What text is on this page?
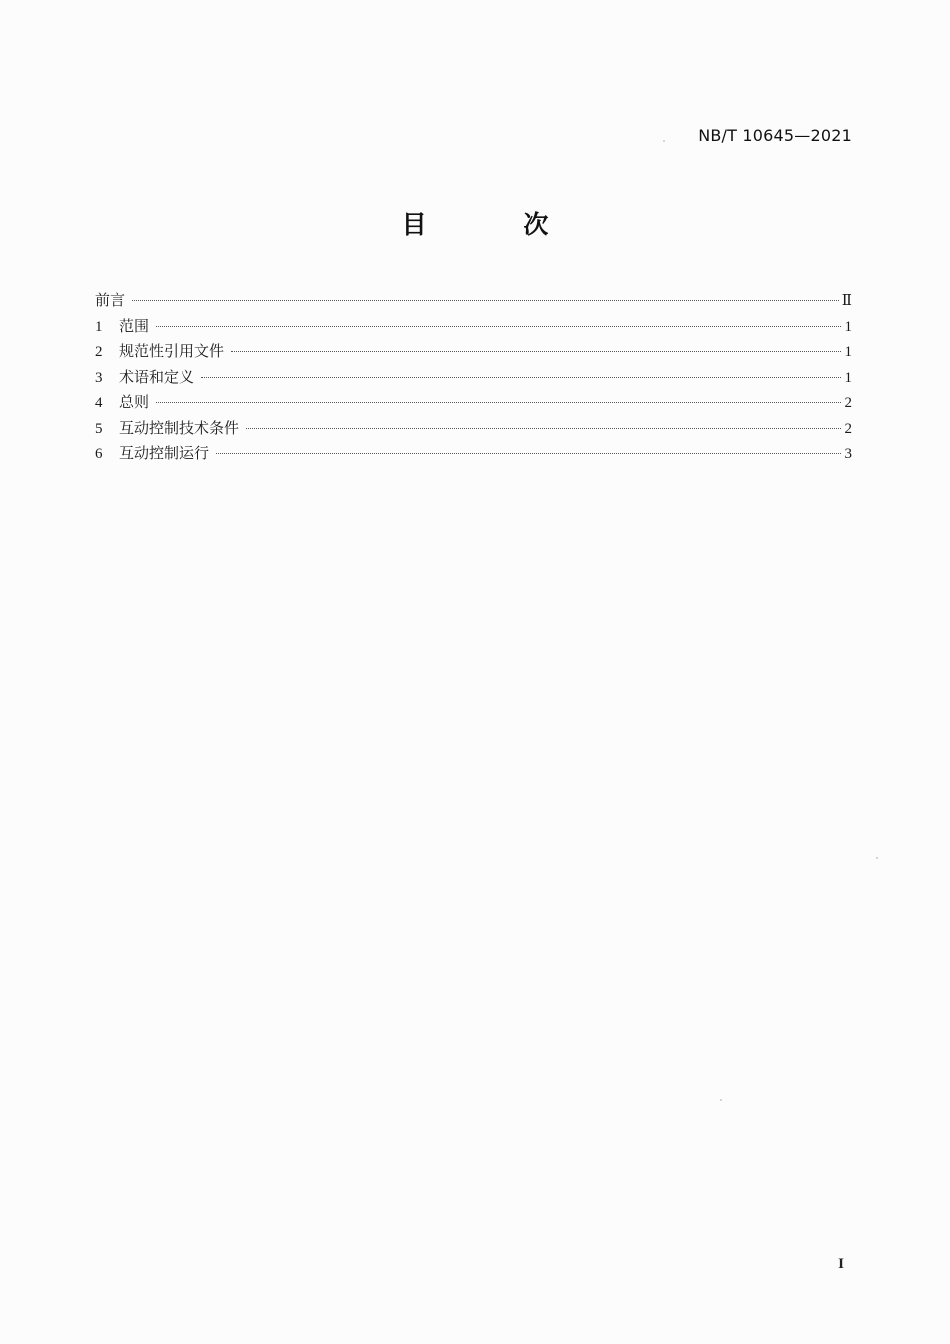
NB/T 10645—2021
目 次
前言	Ⅱ
1	范围	1
2	规范性引用文件	1
3	术语和定义	1
4	总则	2
5	互动控制技术条件	2
6	互动控制运行	3
I
